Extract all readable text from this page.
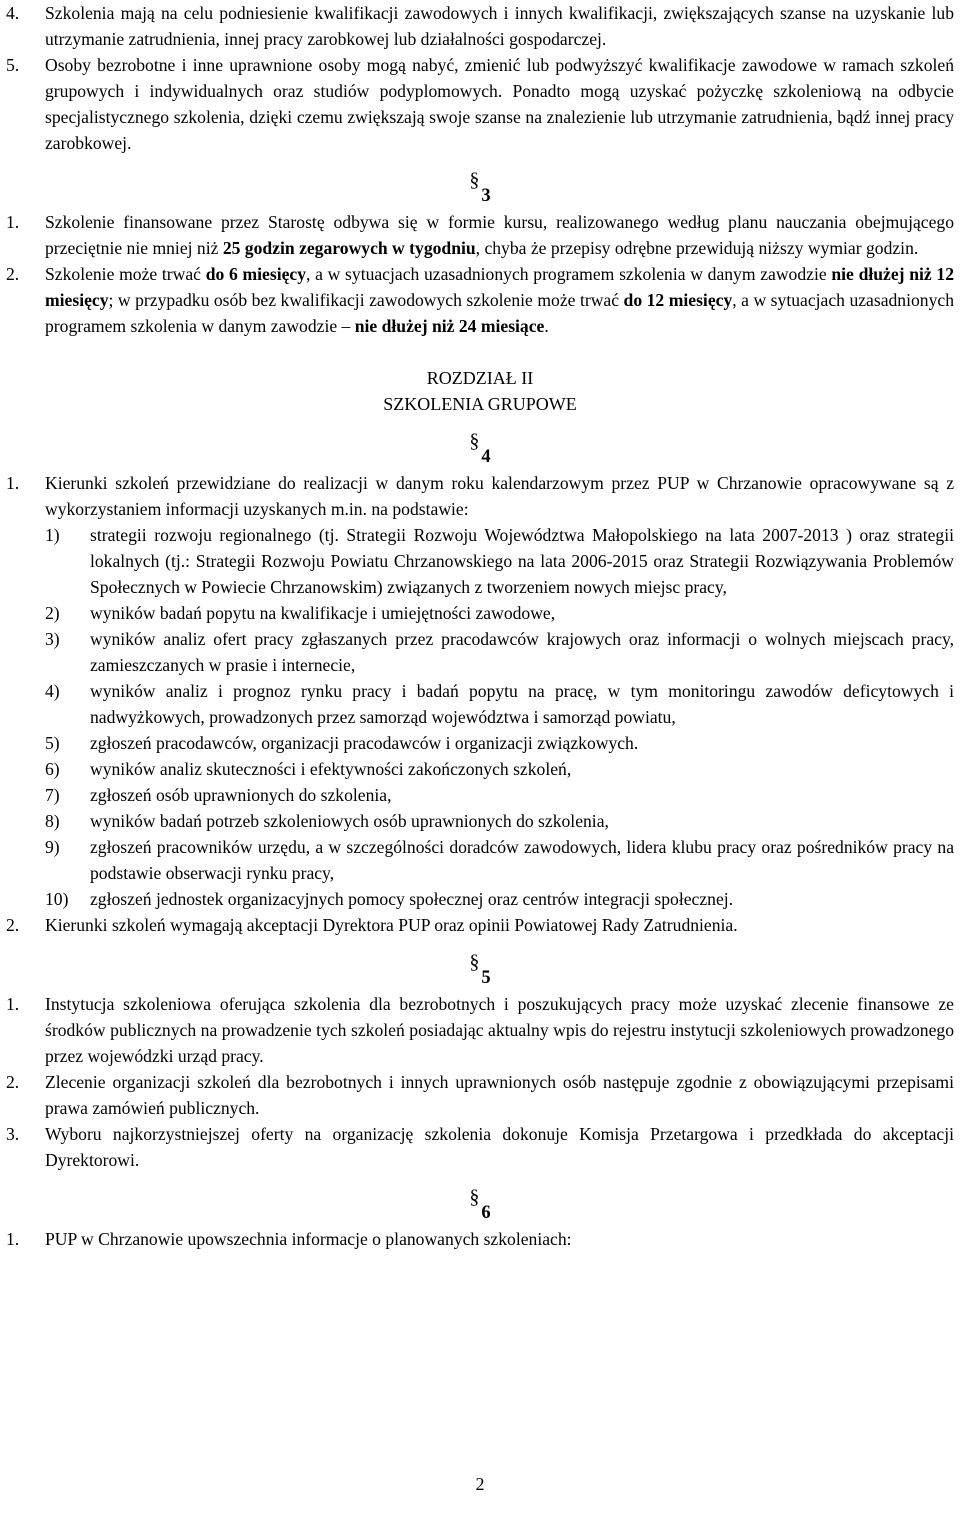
4. Szkolenia mają na celu podniesienie kwalifikacji zawodowych i innych kwalifikacji, zwiększających szanse na uzyskanie lub utrzymanie zatrudnienia, innej pracy zarobkowej lub działalności gospodarczej.
5. Osoby bezrobotne i inne uprawnione osoby mogą nabyć, zmienić lub podwyższyć kwalifikacje zawodowe w ramach szkoleń grupowych i indywidualnych oraz studiów podyplomowych. Ponadto mogą uzyskać pożyczkę szkoleniową na odbycie specjalistycznego szkolenia, dzięki czemu zwiększają swoje szanse na znalezienie lub utrzymanie zatrudnienia, bądź innej pracy zarobkowej.
§3
1. Szkolenie finansowane przez Starostę odbywa się w formie kursu, realizowanego według planu nauczania obejmującego przeciętnie nie mniej niż 25 godzin zegarowych w tygodniu, chyba że przepisy odrębne przewidują niższy wymiar godzin.
2. Szkolenie może trwać do 6 miesięcy, a w sytuacjach uzasadnionych programem szkolenia w danym zawodzie nie dłużej niż 12 miesięcy; w przypadku osób bez kwalifikacji zawodowych szkolenie może trwać do 12 miesięcy, a w sytuacjach uzasadnionych programem szkolenia w danym zawodzie – nie dłużej niż 24 miesiące.
ROZDZIAŁ II
SZKOLENIA GRUPOWE
§4
1. Kierunki szkoleń przewidziane do realizacji w danym roku kalendarzowym przez PUP w Chrzanowie opracowywane są z wykorzystaniem informacji uzyskanych m.in. na podstawie:
1) strategii rozwoju regionalnego (tj. Strategii Rozwoju Województwa Małopolskiego na lata 2007-2013 ) oraz strategii lokalnych (tj.: Strategii Rozwoju Powiatu Chrzanowskiego na lata 2006-2015 oraz Strategii Rozwiązywania Problemów Społecznych w Powiecie Chrzanowskim) związanych z tworzeniem nowych miejsc pracy,
2) wyników badań popytu na kwalifikacje i umiejętności zawodowe,
3) wyników analiz ofert pracy zgłaszanych przez pracodawców krajowych oraz informacji o wolnych miejscach pracy, zamieszczanych w prasie i internecie,
4) wyników analiz i prognoz rynku pracy i badań popytu na pracę, w tym monitoringu zawodów deficytowych i nadwyżkowych, prowadzonych przez samorząd województwa i samorząd powiatu,
5) zgłoszeń pracodawców, organizacji pracodawców i organizacji związkowych.
6) wyników analiz skuteczności i efektywności zakończonych szkoleń,
7) zgłoszeń osób uprawnionych do szkolenia,
8) wyników badań potrzeb szkoleniowych osób uprawnionych do szkolenia,
9) zgłoszeń pracowników urzędu, a w szczególności doradców zawodowych, lidera klubu pracy oraz pośredników pracy na podstawie obserwacji rynku pracy,
10) zgłoszeń jednostek organizacyjnych pomocy społecznej oraz centrów integracji społecznej.
2. Kierunki szkoleń wymagają akceptacji Dyrektora PUP oraz opinii Powiatowej Rady Zatrudnienia.
§5
1. Instytucja szkoleniowa oferująca szkolenia dla bezrobotnych i poszukujących pracy może uzyskać zlecenie finansowe ze środków publicznych na prowadzenie tych szkoleń posiadając aktualny wpis do rejestru instytucji szkoleniowych prowadzonego przez wojewódzki urząd pracy.
2. Zlecenie organizacji szkoleń dla bezrobotnych i innych uprawnionych osób następuje zgodnie z obowiązującymi przepisami prawa zamówień publicznych.
3. Wyboru najkorzystniejszej oferty na organizację szkolenia dokonuje Komisja Przetargowa i przedkłada do akceptacji Dyrektorowi.
§6
1. PUP w Chrzanowie upowszechnia informacje o planowanych szkoleniach:
2
